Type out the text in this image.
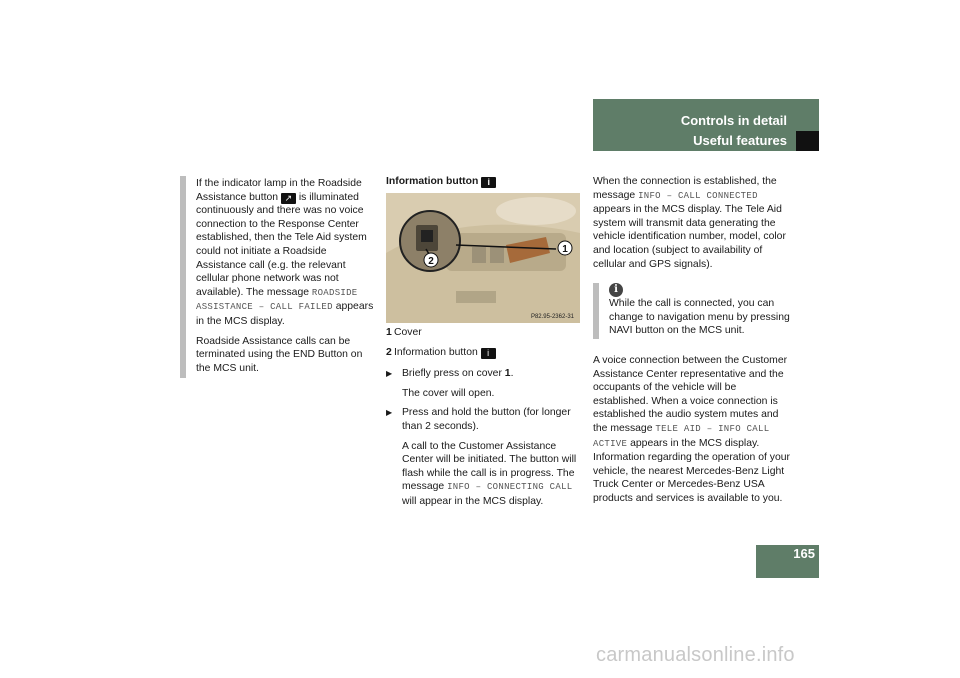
Controls in detail
Useful features

If the indicator lamp in the Roadside Assistance button ↗ is illuminated continuously and there was no voice connection to the Response Center established, then the Tele Aid system could not initiate a Roadside Assistance call (e.g. the relevant cellular phone network was not available). The message ROADSIDE ASSISTANCE – CALL FAILED appears in the MCS display.

Roadside Assistance calls can be terminated using the END Button on the MCS unit.

Information button i
1
2
P82.95-2362-31

1 Cover

2 Information button i

▶ Briefly press on cover 1.

The cover will open.

▶ Press and hold the button (for longer than 2 seconds).

A call to the Customer Assistance Center will be initiated. The button will flash while the call is in progress. The message INFO – CONNECTING CALL will appear in the MCS display.

When the connection is established, the message INFO – CALL CONNECTED appears in the MCS display. The Tele Aid system will transmit data generating the vehicle identification number, model, color and location (subject to availability of cellular and GPS signals).

i
While the call is connected, you can change to navigation menu by pressing NAVI button on the MCS unit.

A voice connection between the Customer Assistance Center representative and the occupants of the vehicle will be established. When a voice connection is established the audio system mutes and the message TELE AID – INFO CALL ACTIVE appears in the MCS display. Information regarding the operation of your vehicle, the nearest Mercedes-Benz Light Truck Center or Mercedes-Benz USA products and services is available to you.

165
carmanualsonline.info
